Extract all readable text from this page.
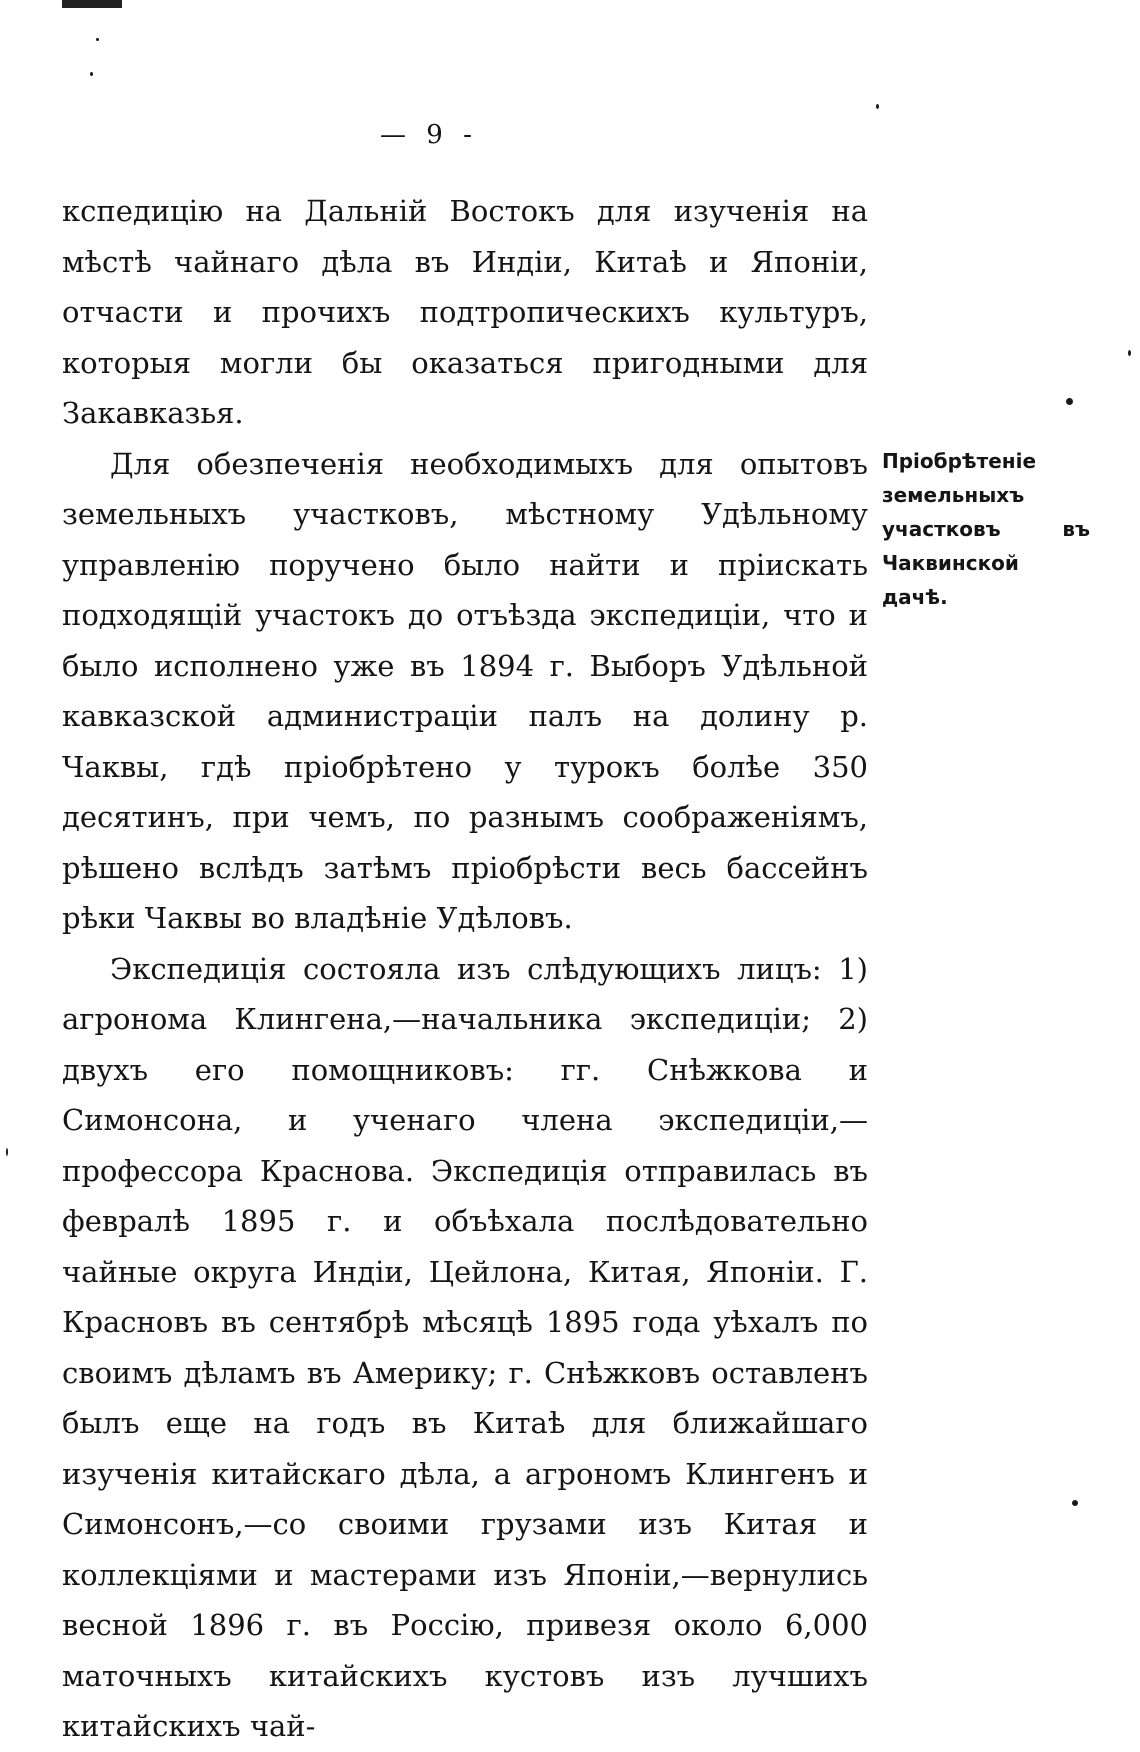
— 9 -

кспедицію на Дальній Востокъ для изученія на мѣстѣ чайнаго дѣла въ Индіи, Китаѣ и Японіи, отчасти и прочихъ подтропическихъ культуръ, которыя могли бы оказаться пригодными для Закавказья.

Для обезпеченія необходимыхъ для опытовъ земельныхъ участковъ, мѣстному Удѣльному управленію поручено было найти и пріискать подходящій участокъ до отъѣзда экспедиціи, что и было исполнено уже въ 1894 г. Выборъ Удѣльной кавказской администраціи палъ на долину р. Чаквы, гдѣ пріобрѣтено у турокъ болѣе 350 десятинъ, при чемъ, по разнымъ соображеніямъ, рѣшено вслѣдъ затѣмъ пріобрѣсти весь бассейнъ рѣки Чаквы во владѣніе Удѣловъ.

Экспедиція состояла изъ слѣдующихъ лицъ: 1) агронома Клингена,—начальника экспедиціи; 2) двухъ его помощниковъ: гг. Снѣжкова и Симонсона, и ученаго члена экспедиціи,—профессора Краснова. Экспедиція отправилась въ февралѣ 1895 г. и объѣхала послѣдовательно чайные округа Индіи, Цейлона, Китая, Японіи. Г. Красновъ въ сентябрѣ мѣсяцѣ 1895 года уѣхалъ по своимъ дѣламъ въ Америку; г. Снѣжковъ оставленъ былъ еще на годъ въ Китаѣ для ближайшаго изученія китайскаго дѣла, а агрономъ Клингенъ и Симонсонъ,—со своими грузами изъ Китая и коллекціями и мастерами изъ Японіи,—вернулись весной 1896 г. въ Россію, привезя около 6,000 маточныхъ китайскихъ кустовъ изъ лучшихъ китайскихъ чай-

Пріобрѣтеніе земельныхъ участковъ въ Чаквинской дачѣ.
